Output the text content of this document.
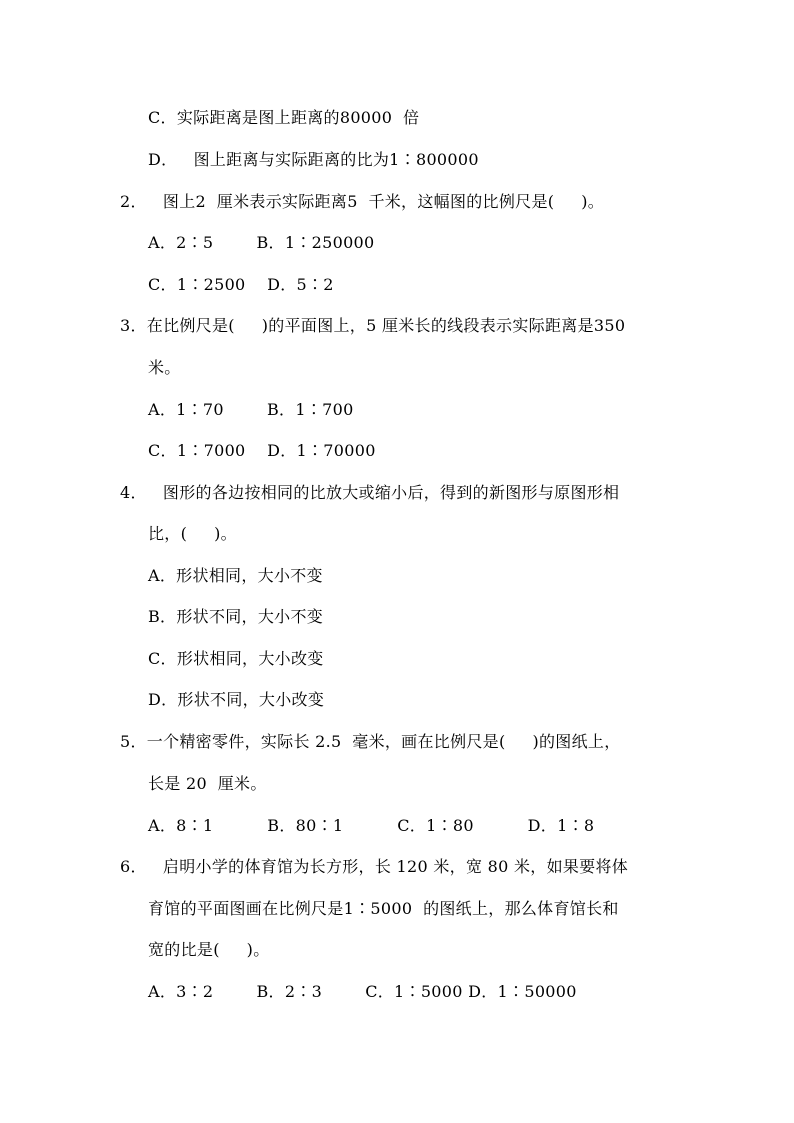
C．实际距离是图上距离的80000  倍
D．   图上距离与实际距离的比为1∶800000
2．   图上2  厘米表示实际距离5  千米，这幅图的比例尺是(     )。
A．2∶5        B．1∶250000
C．1∶2500    D．5∶2
3．在比例尺是(     )的平面图上，5 厘米长的线段表示实际距离是350
米。
A．1∶70        B．1∶700
C．1∶7000    D．1∶70000
4．   图形的各边按相同的比放大或缩小后，得到的新图形与原图形相
比，(     )。
A．形状相同，大小不变
B．形状不同，大小不变
C．形状相同，大小改变
D．形状不同，大小改变
5．一个精密零件，实际长 2.5  毫米，画在比例尺是(     )的图纸上，
长是 20  厘米。
A．8∶1          B．80∶1          C．1∶80          D．1∶8
6．   启明小学的体育馆为长方形，长 120 米，宽 80 米，如果要将体
育馆的平面图画在比例尺是1∶5000  的图纸上，那么体育馆长和
宽的比是(     )。
A．3∶2        B．2∶3        C．1∶5000 D．1∶50000
